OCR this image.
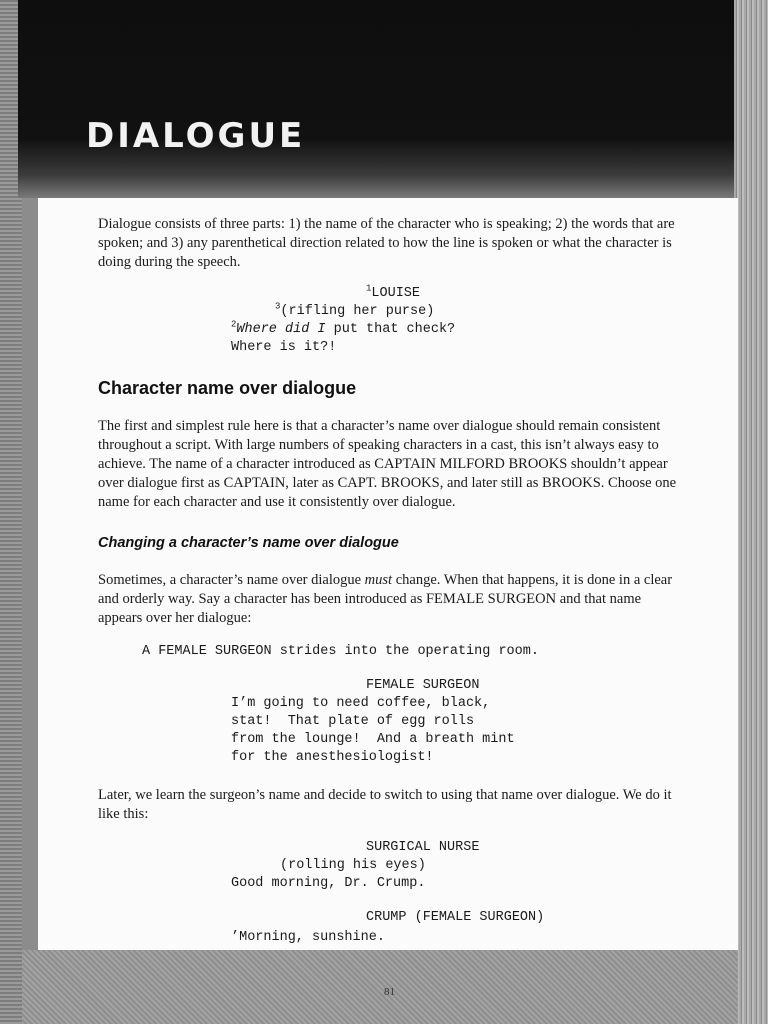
DIALOGUE

Dialogue consists of three parts: 1) the name of the character who is speaking; 2) the words that are spoken; and 3) any parenthetical direction related to how the line is spoken or what the character is doing during the speech.

$^1$LOUISE
$^3$(rifling her purse)
$^2$Where did I put that check?
Where is it?!
Character name over dialogue

The first and simplest rule here is that a character’s name over dialogue should remain consistent throughout a script. With large numbers of speaking characters in a cast, this isn’t always easy to achieve. The name of a character introduced as CAPTAIN MILFORD BROOKS shouldn’t appear over dialogue first as CAPTAIN, later as CAPT. BROOKS, and later still as BROOKS. Choose one name for each character and use it consistently over dialogue.

Changing a character’s name over dialogue

Sometimes, a character’s name over dialogue must change. When that happens, it is done in a clear and orderly way. Say a character has been introduced as FEMALE SURGEON and that name appears over her dialogue:

A FEMALE SURGEON strides into the operating room.
FEMALE SURGEON
I’m going to need coffee, black,
stat!  That plate of egg rolls
from the lounge!  And a breath mint
for the anesthesiologist!

Later, we learn the surgeon’s name and decide to switch to using that name over dialogue. We do it like this:

SURGICAL NURSE
(rolling his eyes)
Good morning, Dr. Crump.
CRUMP (FEMALE SURGEON)
’Morning, sunshine.
81
